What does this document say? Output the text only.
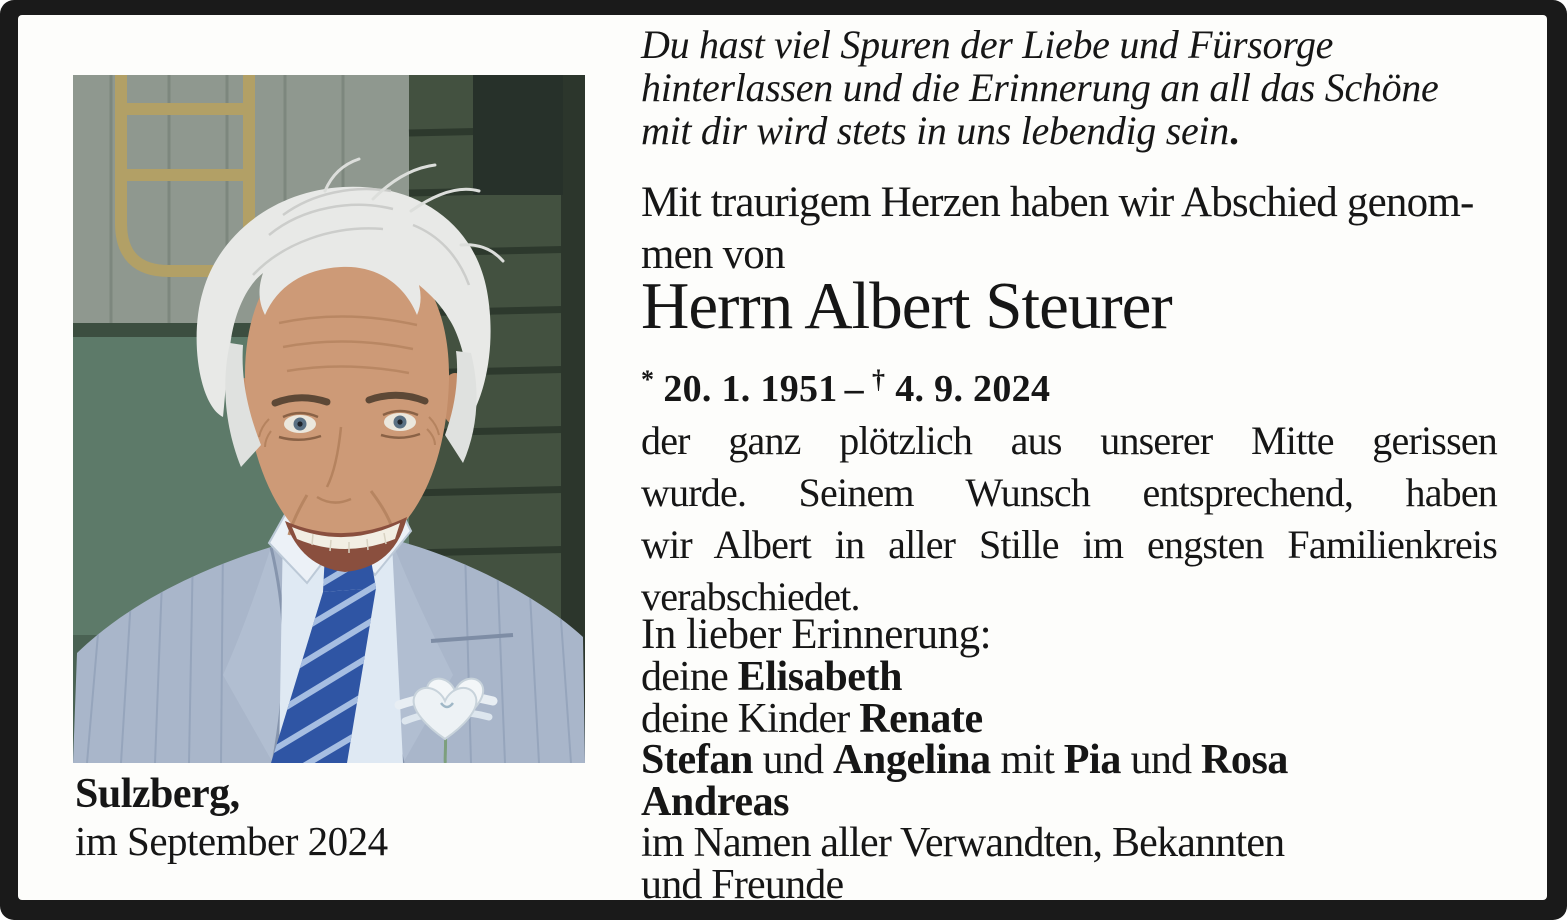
Sulzberg,
im September 2024
Du hast viel Spuren der Liebe und Fürsorge
hinterlassen und die Erinnerung an all das Schöne
mit dir wird stets in uns lebendig sein.
Mit traurigem Herzen haben wir Abschied genom-
men von
Herrn Albert Steurer
* 20. 1. 1951 – † 4. 9. 2024
der ganz plötzlich aus unserer Mitte gerissen
wurde. Seinem Wunsch entsprechend, haben
wir Albert in aller Stille im engsten Familienkreis
verabschiedet.
In lieber Erinnerung:
deine Elisabeth
deine Kinder Renate
Stefan und Angelina mit Pia und Rosa
Andreas
im Namen aller Verwandten, Bekannten
und Freunde
